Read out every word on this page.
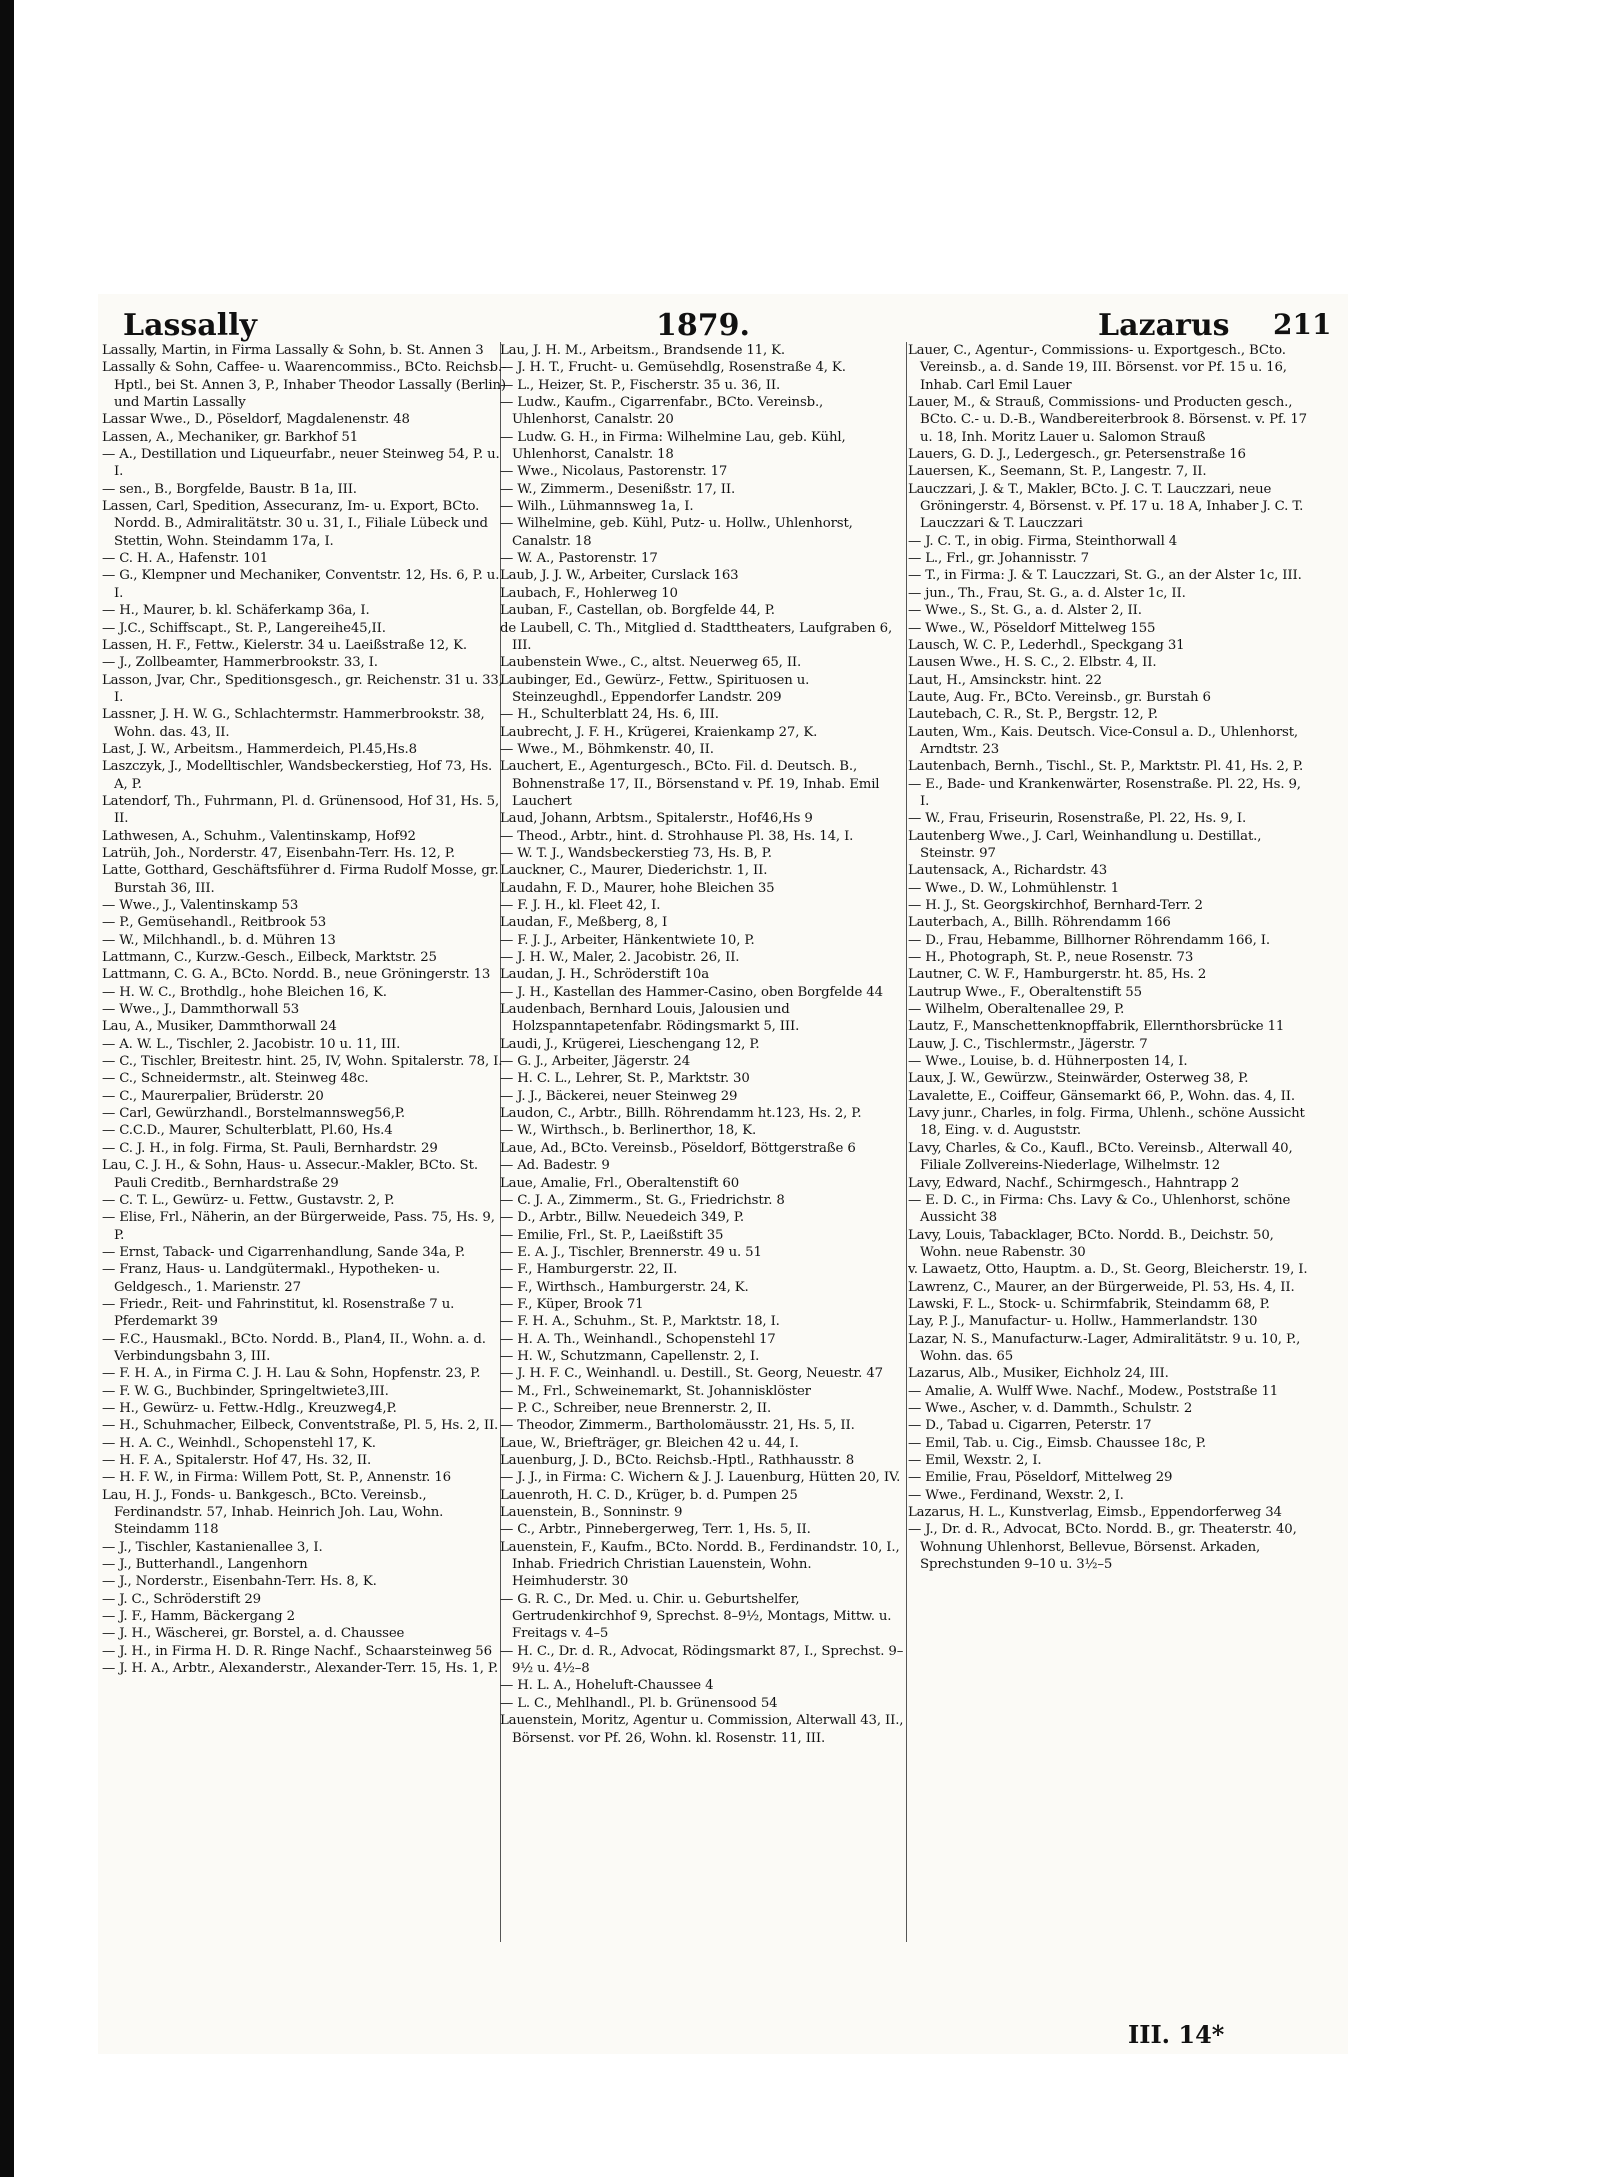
Lassally	1879.	Lazarus 211

Lassally, Martin, in Firma Lassally & Sohn, b. St. Annen 3

Lassally & Sohn, Caffee- u. Waarencommiss., BCto. Reichsb.-Hptl., bei St. Annen 3, P., Inhaber Theodor Lassally (Berlin) und Martin Lassally

Lassar Wwe., D., Pöseldorf, Magdalenenstr. 48

Lassen, A., Mechaniker, gr. Barkhof 51

— A., Destillation und Liqueurfabr., neuer Steinweg 54, P. u. I.

— sen., B., Borgfelde, Baustr. B 1a, III.

Lassen, Carl, Spedition, Assecuranz, Im- u. Export, BCto. Nordd. B., Admiralitätstr. 30 u. 31, I., Filiale Lübeck und Stettin, Wohn. Steindamm 17a, I.

— C. H. A., Hafenstr. 101

— G., Klempner und Mechaniker, Conventstr. 12, Hs. 6, P. u. I.

— H., Maurer, b. kl. Schäferkamp 36a, I.

— J.C., Schiffscapt., St. P., Langereihe45,II.

Lassen, H. F., Fettw., Kielerstr. 34 u. Laeißstraße 12, K.

— J., Zollbeamter, Hammerbrookstr. 33, I.

Lasson, Jvar, Chr., Speditionsgesch., gr. Reichenstr. 31 u. 33, I.

Lassner, J. H. W. G., Schlachtermstr. Hammerbrookstr. 38, Wohn. das. 43, II.

Last, J. W., Arbeitsm., Hammerdeich, Pl.45,Hs.8

Laszczyk, J., Modelltischler, Wandsbeckerstieg, Hof 73, Hs. A, P.

Latendorf, Th., Fuhrmann, Pl. d. Grünensood, Hof 31, Hs. 5, II.

Lathwesen, A., Schuhm., Valentinskamp, Hof92

Latrüh, Joh., Norderstr. 47, Eisenbahn-Terr. Hs. 12, P.

Latte, Gotthard, Geschäftsführer d. Firma Rudolf Mosse, gr. Burstah 36, III.

— Wwe., J., Valentinskamp 53

— P., Gemüsehandl., Reitbrook 53

— W., Milchhandl., b. d. Mühren 13

Lattmann, C., Kurzw.-Gesch., Eilbeck, Marktstr. 25

Lattmann, C. G. A., BCto. Nordd. B., neue Gröningerstr. 13

— H. W. C., Brothdlg., hohe Bleichen 16, K.

— Wwe., J., Dammthorwall 53

Lau, A., Musiker, Dammthorwall 24

— A. W. L., Tischler, 2. Jacobistr. 10 u. 11, III.

— C., Tischler, Breitestr. hint. 25, IV, Wohn. Spitalerstr. 78, I.

— C., Schneidermstr., alt. Steinweg 48c.

— C., Maurerpalier, Brüderstr. 20

— Carl, Gewürzhandl., Borstelmannsweg56,P.

— C.C.D., Maurer, Schulterblatt, Pl.60, Hs.4

— C. J. H., in folg. Firma, St. Pauli, Bernhardstr. 29

Lau, C. J. H., & Sohn, Haus- u. Assecur.-Makler, BCto. St. Pauli Creditb., Bernhardstraße 29

— C. T. L., Gewürz- u. Fettw., Gustavstr. 2, P.

— Elise, Frl., Näherin, an der Bürgerweide, Pass. 75, Hs. 9, P.

— Ernst, Taback- und Cigarrenhandlung, Sande 34a, P.

— Franz, Haus- u. Landgütermakl., Hypotheken- u. Geldgesch., 1. Marienstr. 27

— Friedr., Reit- und Fahrinstitut, kl. Rosenstraße 7 u. Pferdemarkt 39

— F.C., Hausmakl., BCto. Nordd. B., Plan4, II., Wohn. a. d. Verbindungsbahn 3, III.

— F. H. A., in Firma C. J. H. Lau & Sohn, Hopfenstr. 23, P.

— F. W. G., Buchbinder, Springeltwiete3,III.

— H., Gewürz- u. Fettw.-Hdlg., Kreuzweg4,P.

— H., Schuhmacher, Eilbeck, Conventstraße, Pl. 5, Hs. 2, II.

— H. A. C., Weinhdl., Schopenstehl 17, K.

— H. F. A., Spitalerstr. Hof 47, Hs. 32, II.

— H. F. W., in Firma: Willem Pott, St. P., Annenstr. 16

Lau, H. J., Fonds- u. Bankgesch., BCto. Vereinsb., Ferdinandstr. 57, Inhab. Heinrich Joh. Lau, Wohn. Steindamm 118

— J., Tischler, Kastanienallee 3, I.

— J., Butterhandl., Langenhorn

— J., Norderstr., Eisenbahn-Terr. Hs. 8, K.

— J. C., Schröderstift 29

— J. F., Hamm, Bäckergang 2

— J. H., Wäscherei, gr. Borstel, a. d. Chaussee

— J. H., in Firma H. D. R. Ringe Nachf., Schaarsteinweg 56

— J. H. A., Arbtr., Alexanderstr., Alexander-Terr. 15, Hs. 1, P.

Lau, J. H. M., Arbeitsm., Brandsende 11, K.

— J. H. T., Frucht- u. Gemüsehdlg, Rosenstraße 4, K.

— L., Heizer, St. P., Fischerstr. 35 u. 36, II.

— Ludw., Kaufm., Cigarrenfabr., BCto. Vereinsb., Uhlenhorst, Canalstr. 20

— Ludw. G. H., in Firma: Wilhelmine Lau, geb. Kühl, Uhlenhorst, Canalstr. 18

— Wwe., Nicolaus, Pastorenstr. 17

— W., Zimmerm., Desenißstr. 17, II.

— Wilh., Lühmannsweg 1a, I.

— Wilhelmine, geb. Kühl, Putz- u. Hollw., Uhlenhorst, Canalstr. 18

— W. A., Pastorenstr. 17

Laub, J. J. W., Arbeiter, Curslack 163

Laubach, F., Hohlerweg 10

Lauban, F., Castellan, ob. Borgfelde 44, P.

de Laubell, C. Th., Mitglied d. Stadttheaters, Laufgraben 6, III.

Laubenstein Wwe., C., altst. Neuerweg 65, II.

Laubinger, Ed., Gewürz-, Fettw., Spirituosen u. Steinzeughdl., Eppendorfer Landstr. 209

— H., Schulterblatt 24, Hs. 6, III.

Laubrecht, J. F. H., Krügerei, Kraienkamp 27, K.

— Wwe., M., Böhmkenstr. 40, II.

Lauchert, E., Agenturgesch., BCto. Fil. d. Deutsch. B., Bohnenstraße 17, II., Börsenstand v. Pf. 19, Inhab. Emil Lauchert

Laud, Johann, Arbtsm., Spitalerstr., Hof46,Hs 9

— Theod., Arbtr., hint. d. Strohhause Pl. 38, Hs. 14, I.

— W. T. J., Wandsbeckerstieg 73, Hs. B, P.

Lauckner, C., Maurer, Diederichstr. 1, II.

Laudahn, F. D., Maurer, hohe Bleichen 35

— F. J. H., kl. Fleet 42, I.

Laudan, F., Meßberg, 8, I

— F. J. J., Arbeiter, Hänkentwiete 10, P.

— J. H. W., Maler, 2. Jacobistr. 26, II.

Laudan, J. H., Schröderstift 10a

— J. H., Kastellan des Hammer-Casino, oben Borgfelde 44

Laudenbach, Bernhard Louis, Jalousien und Holzspanntapetenfabr. Rödingsmarkt 5, III.

Laudi, J., Krügerei, Lieschengang 12, P.

— G. J., Arbeiter, Jägerstr. 24

— H. C. L., Lehrer, St. P., Marktstr. 30

— J. J., Bäckerei, neuer Steinweg 29

Laudon, C., Arbtr., Billh. Röhrendamm ht.123, Hs. 2, P.

— W., Wirthsch., b. Berlinerthor, 18, K.

Laue, Ad., BCto. Vereinsb., Pöseldorf, Böttgerstraße 6

— Ad. Badestr. 9

Laue, Amalie, Frl., Oberaltenstift 60

— C. J. A., Zimmerm., St. G., Friedrichstr. 8

— D., Arbtr., Billw. Neuedeich 349, P.

— Emilie, Frl., St. P., Laeißstift 35

— E. A. J., Tischler, Brennerstr. 49 u. 51

— F., Hamburgerstr. 22, II.

— F., Wirthsch., Hamburgerstr. 24, K.

— F., Küper, Brook 71

— F. H. A., Schuhm., St. P., Marktstr. 18, I.

— H. A. Th., Weinhandl., Schopenstehl 17

— H. W., Schutzmann, Capellenstr. 2, I.

— J. H. F. C., Weinhandl. u. Destill., St. Georg, Neuestr. 47

— M., Frl., Schweinemarkt, St. Johannisklöster

— P. C., Schreiber, neue Brennerstr. 2, II.

— Theodor, Zimmerm., Bartholomäusstr. 21, Hs. 5, II.

Laue, W., Briefträger, gr. Bleichen 42 u. 44, I.

Lauenburg, J. D., BCto. Reichsb.-Hptl., Rathhausstr. 8

— J. J., in Firma: C. Wichern & J. J. Lauenburg, Hütten 20, IV.

Lauenroth, H. C. D., Krüger, b. d. Pumpen 25

Lauenstein, B., Sonninstr. 9

— C., Arbtr., Pinnebergerweg, Terr. 1, Hs. 5, II.

Lauenstein, F., Kaufm., BCto. Nordd. B., Ferdinandstr. 10, I., Inhab. Friedrich Christian Lauenstein, Wohn. Heimhuderstr. 30

— G. R. C., Dr. Med. u. Chir. u. Geburtshelfer, Gertrudenkirchhof 9, Sprechst. 8–9½, Montags, Mittw. u. Freitags v. 4–5

— H. C., Dr. d. R., Advocat, Rödingsmarkt 87, I., Sprechst. 9–9½ u. 4½–8

— H. L. A., Hoheluft-Chaussee 4

— L. C., Mehlhandl., Pl. b. Grünensood 54

Lauenstein, Moritz, Agentur u. Commission, Alterwall 43, II., Börsenst. vor Pf. 26, Wohn. kl. Rosenstr. 11, III.

Lauer, C., Agentur-, Commissions- u. Exportgesch., BCto. Vereinsb., a. d. Sande 19, III. Börsenst. vor Pf. 15 u. 16, Inhab. Carl Emil Lauer

Lauer, M., & Strauß, Commissions- und Producten gesch., BCto. C.- u. D.-B., Wandbereiterbrook 8. Börsenst. v. Pf. 17 u. 18, Inh. Moritz Lauer u. Salomon Strauß

Lauers, G. D. J., Ledergesch., gr. Petersenstraße 16

Lauersen, K., Seemann, St. P., Langestr. 7, II.

Lauczzari, J. & T., Makler, BCto. J. C. T. Lauczzari, neue Gröningerstr. 4, Börsenst. v. Pf. 17 u. 18 A, Inhaber J. C. T. Lauczzari & T. Lauczzari

— J. C. T., in obig. Firma, Steinthorwall 4

— L., Frl., gr. Johannisstr. 7

— T., in Firma: J. & T. Lauczzari, St. G., an der Alster 1c, III.

— jun., Th., Frau, St. G., a. d. Alster 1c, II.

— Wwe., S., St. G., a. d. Alster 2, II.

— Wwe., W., Pöseldorf Mittelweg 155

Lausch, W. C. P., Lederhdl., Speckgang 31

Lausen Wwe., H. S. C., 2. Elbstr. 4, II.

Laut, H., Amsinckstr. hint. 22

Laute, Aug. Fr., BCto. Vereinsb., gr. Burstah 6

Lautebach, C. R., St. P., Bergstr. 12, P.

Lauten, Wm., Kais. Deutsch. Vice-Consul a. D., Uhlenhorst, Arndtstr. 23

Lautenbach, Bernh., Tischl., St. P., Marktstr. Pl. 41, Hs. 2, P.

— E., Bade- und Krankenwärter, Rosenstraße. Pl. 22, Hs. 9, I.

— W., Frau, Friseurin, Rosenstraße, Pl. 22, Hs. 9, I.

Lautenberg Wwe., J. Carl, Weinhandlung u. Destillat., Steinstr. 97

Lautensack, A., Richardstr. 43

— Wwe., D. W., Lohmühlenstr. 1

— H. J., St. Georgskirchhof, Bernhard-Terr. 2

Lauterbach, A., Billh. Röhrendamm 166

— D., Frau, Hebamme, Billhorner Röhrendamm 166, I.

— H., Photograph, St. P., neue Rosenstr. 73

Lautner, C. W. F., Hamburgerstr. ht. 85, Hs. 2

Lautrup Wwe., F., Oberaltenstift 55

— Wilhelm, Oberaltenallee 29, P.

Lautz, F., Manschettenknopffabrik, Ellernthorsbrücke 11

Lauw, J. C., Tischlermstr., Jägerstr. 7

— Wwe., Louise, b. d. Hühnerposten 14, I.

Laux, J. W., Gewürzw., Steinwärder, Osterweg 38, P.

Lavalette, E., Coiffeur, Gänsemarkt 66, P., Wohn. das. 4, II.

Lavy junr., Charles, in folg. Firma, Uhlenh., schöne Aussicht 18, Eing. v. d. Auguststr.

Lavy, Charles, & Co., Kaufl., BCto. Vereinsb., Alterwall 40, Filiale Zollvereins-Niederlage, Wilhelmstr. 12

Lavy, Edward, Nachf., Schirmgesch., Hahntrapp 2

— E. D. C., in Firma: Chs. Lavy & Co., Uhlenhorst, schöne Aussicht 38

Lavy, Louis, Tabacklager, BCto. Nordd. B., Deichstr. 50, Wohn. neue Rabenstr. 30

v. Lawaetz, Otto, Hauptm. a. D., St. Georg, Bleicherstr. 19, I.

Lawrenz, C., Maurer, an der Bürgerweide, Pl. 53, Hs. 4, II.

Lawski, F. L., Stock- u. Schirmfabrik, Steindamm 68, P.

Lay, P. J., Manufactur- u. Hollw., Hammerlandstr. 130

Lazar, N. S., Manufacturw.-Lager, Admiralitätstr. 9 u. 10, P., Wohn. das. 65

Lazarus, Alb., Musiker, Eichholz 24, III.

— Amalie, A. Wulff Wwe. Nachf., Modew., Poststraße 11

— Wwe., Ascher, v. d. Dammth., Schulstr. 2

— D., Tabad u. Cigarren, Peterstr. 17

— Emil, Tab. u. Cig., Eimsb. Chaussee 18c, P.

— Emil, Wexstr. 2, I.

— Emilie, Frau, Pöseldorf, Mittelweg 29

— Wwe., Ferdinand, Wexstr. 2, I.

Lazarus, H. L., Kunstverlag, Eimsb., Eppendorferweg 34

— J., Dr. d. R., Advocat, BCto. Nordd. B., gr. Theaterstr. 40, Wohnung Uhlenhorst, Bellevue, Börsenst. Arkaden, Sprechstunden 9–10 u. 3½–5

III. 14*
